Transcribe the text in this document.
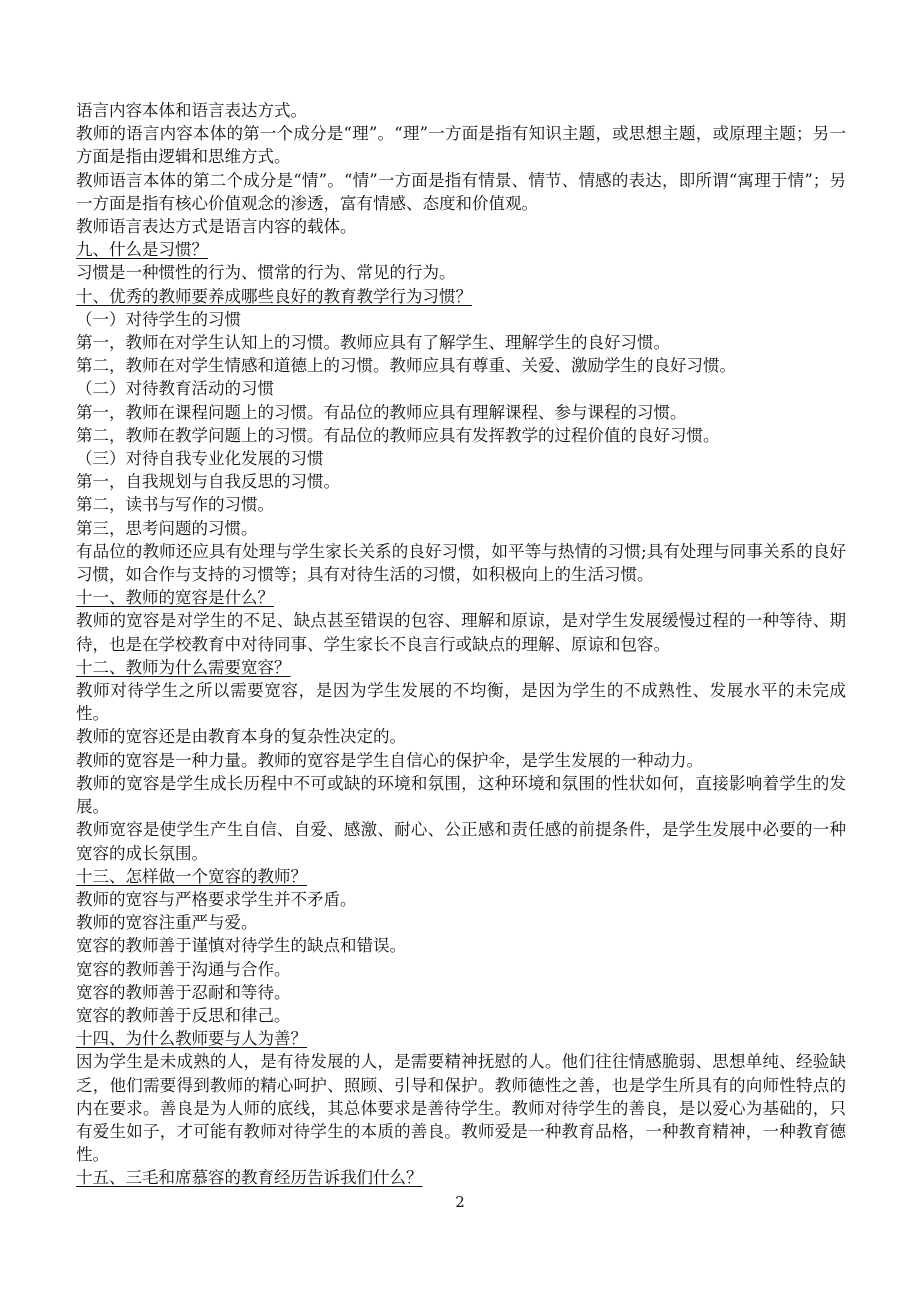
语言内容本体和语言表达方式。

教师的语言内容本体的第一个成分是“理”。“理”一方面是指有知识主题，或思想主题，或原理主题；另一方面是指由逻辑和思维方式。

教师语言本体的第二个成分是“情”。“情”一方面是指有情景、情节、情感的表达，即所谓“寓理于情”；另一方面是指有核心价值观念的渗透，富有情感、态度和价值观。

教师语言表达方式是语言内容的载体。

九、什么是习惯？

习惯是一种惯性的行为、惯常的行为、常见的行为。

十、优秀的教师要养成哪些良好的教育教学行为习惯？

（一）对待学生的习惯

第一，教师在对学生认知上的习惯。教师应具有了解学生、理解学生的良好习惯。

第二，教师在对学生情感和道德上的习惯。教师应具有尊重、关爱、激励学生的良好习惯。

（二）对待教育活动的习惯

第一，教师在课程问题上的习惯。有品位的教师应具有理解课程、参与课程的习惯。

第二，教师在教学问题上的习惯。有品位的教师应具有发挥教学的过程价值的良好习惯。

（三）对待自我专业化发展的习惯

第一，自我规划与自我反思的习惯。

第二，读书与写作的习惯。

第三，思考问题的习惯。

有品位的教师还应具有处理与学生家长关系的良好习惯，如平等与热情的习惯;具有处理与同事关系的良好习惯，如合作与支持的习惯等；具有对待生活的习惯，如积极向上的生活习惯。

十一、教师的宽容是什么？

教师的宽容是对学生的不足、缺点甚至错误的包容、理解和原谅，是对学生发展缓慢过程的一种等待、期待，也是在学校教育中对待同事、学生家长不良言行或缺点的理解、原谅和包容。

十二、教师为什么需要宽容？

教师对待学生之所以需要宽容，是因为学生发展的不均衡，是因为学生的不成熟性、发展水平的未完成性。

教师的宽容还是由教育本身的复杂性决定的。

教师的宽容是一种力量。教师的宽容是学生自信心的保护伞，是学生发展的一种动力。

教师的宽容是学生成长历程中不可或缺的环境和氛围，这种环境和氛围的性状如何，直接影响着学生的发展。

教师宽容是使学生产生自信、自爱、感激、耐心、公正感和责任感的前提条件，是学生发展中必要的一种宽容的成长氛围。

十三、怎样做一个宽容的教师？

教师的宽容与严格要求学生并不矛盾。

教师的宽容注重严与爱。

宽容的教师善于谨慎对待学生的缺点和错误。

宽容的教师善于沟通与合作。

宽容的教师善于忍耐和等待。

宽容的教师善于反思和律己。

十四、为什么教师要与人为善？

因为学生是未成熟的人，是有待发展的人，是需要精神抚慰的人。他们往往情感脆弱、思想单纯、经验缺乏，他们需要得到教师的精心呵护、照顾、引导和保护。教师德性之善，也是学生所具有的向师性特点的内在要求。善良是为人师的底线，其总体要求是善待学生。教师对待学生的善良，是以爱心为基础的，只有爱生如子，才可能有教师对待学生的本质的善良。教师爱是一种教育品格，一种教育精神，一种教育德性。

十五、三毛和席慕容的教育经历告诉我们什么？

2
